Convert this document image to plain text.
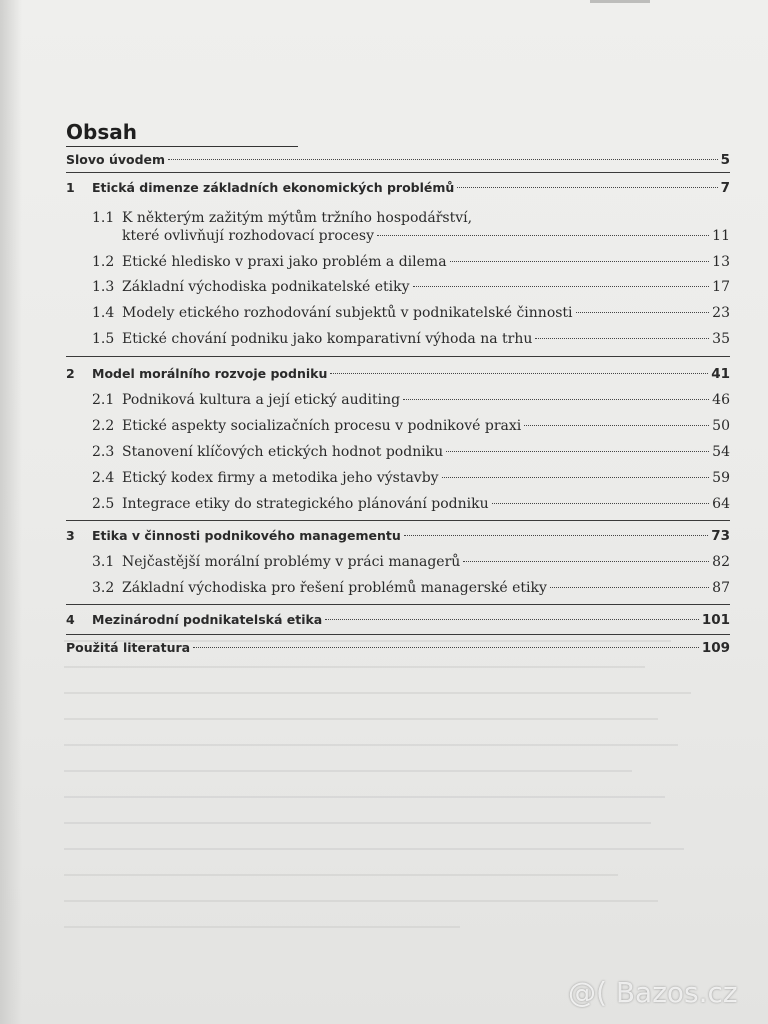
Obsah
Slovo úvodem	5
1	Etická dimenze základních ekonomických problémů	7
1.1 K některým zažitým mýtům tržního hospodářství,
které ovlivňují rozhodovací procesy	11
1.2 Etické hledisko v praxi jako problém a dilema	13
1.3 Základní východiska podnikatelské etiky	17
1.4 Modely etického rozhodování subjektů v podnikatelské činnosti	23
1.5 Etické chování podniku jako komparativní výhoda na trhu	35
2	Model morálního rozvoje podniku	41
2.1 Podniková kultura a její etický auditing	46
2.2 Etické aspekty socializačních procesu v podnikové praxi	50
2.3 Stanovení klíčových etických hodnot podniku	54
2.4 Etický kodex firmy a metodika jeho výstavby	59
2.5 Integrace etiky do strategického plánování podniku	64
3	Etika v činnosti podnikového managementu	73
3.1 Nejčastější morální problémy v práci managerů	82
3.2 Základní východiska pro řešení problémů managerské etiky	87
4	Mezinárodní podnikatelská etika	101
Použitá literatura	109
@( Bazos.cz
